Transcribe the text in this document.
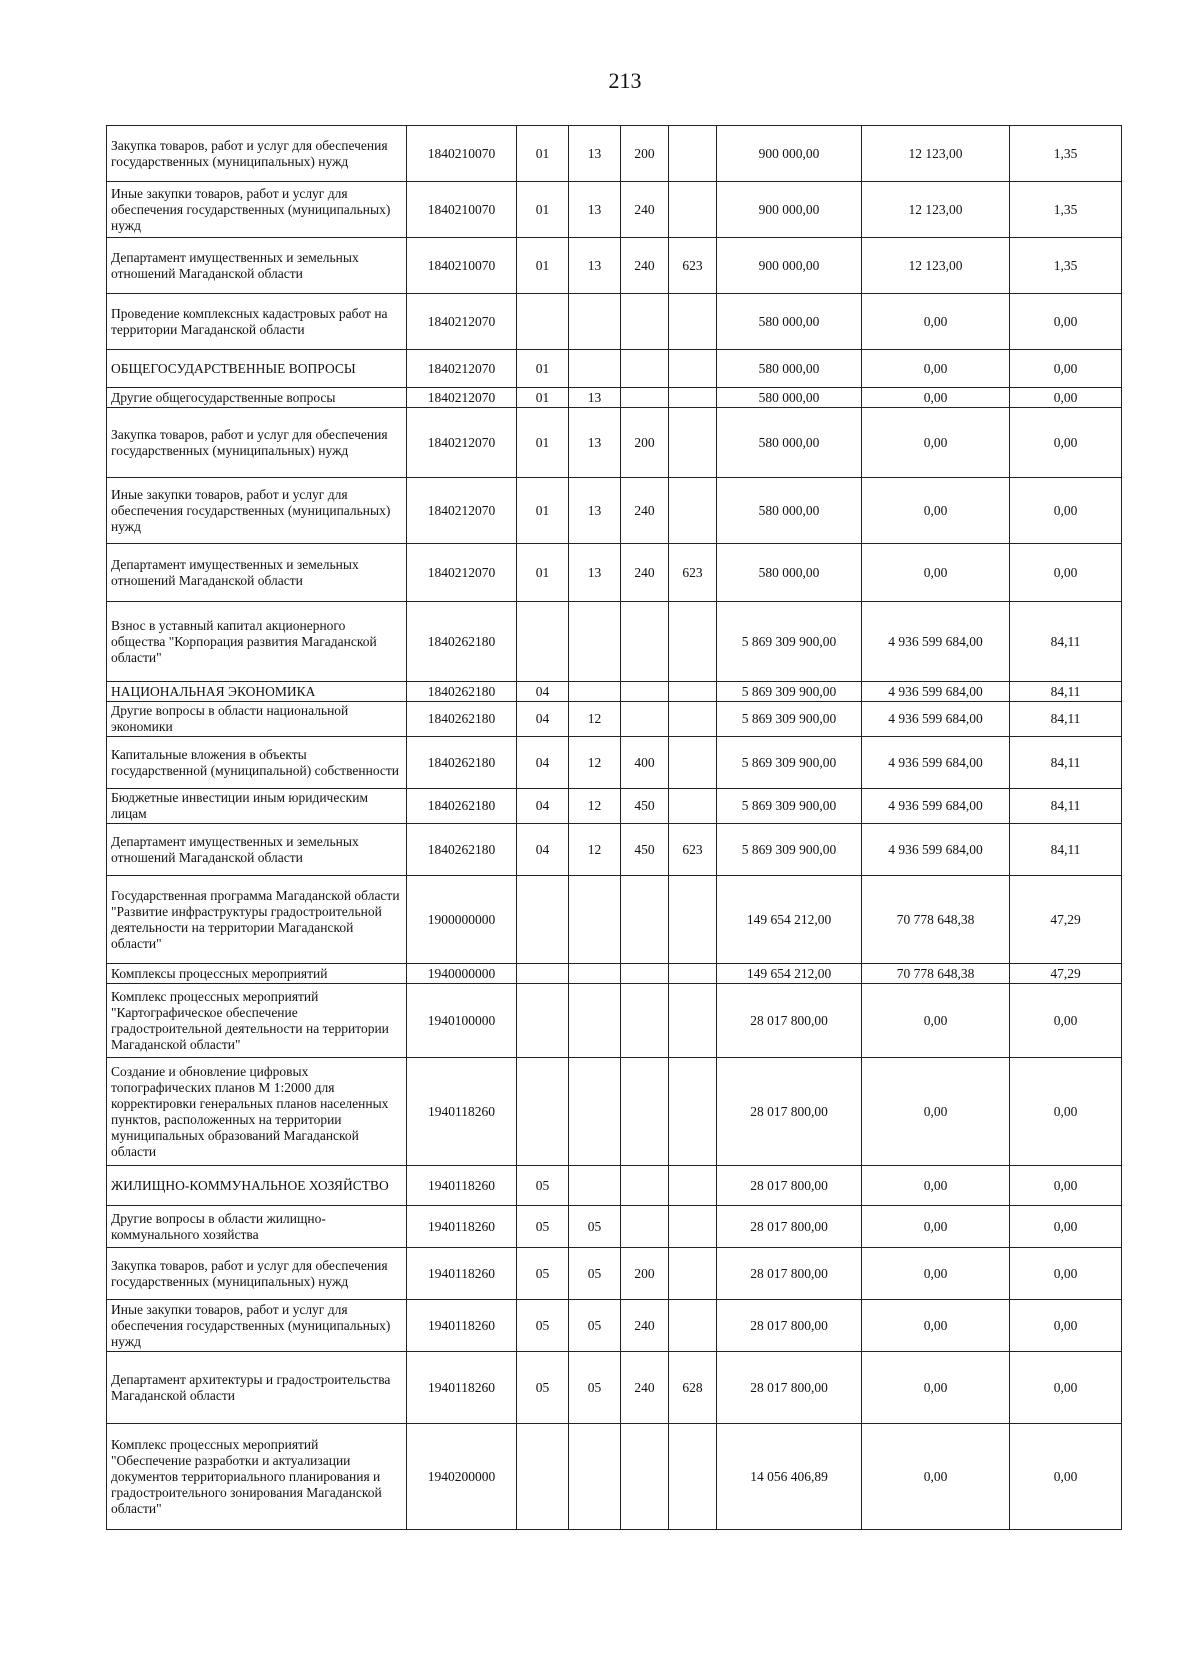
213
Закупка товаров, работ и услуг для обеспечения государственных (муниципальных) нужд	1840210070	01	13	200		900 000,00	12 123,00	1,35
Иные закупки товаров, работ и услуг для обеспечения государственных (муниципальных) нужд	1840210070	01	13	240		900 000,00	12 123,00	1,35
Департамент имущественных и земельных отношений Магаданской области	1840210070	01	13	240	623	900 000,00	12 123,00	1,35
Проведение комплексных кадастровых работ на территории Магаданской области	1840212070					580 000,00	0,00	0,00
ОБЩЕГОСУДАРСТВЕННЫЕ ВОПРОСЫ	1840212070	01				580 000,00	0,00	0,00
Другие общегосударственные вопросы	1840212070	01	13			580 000,00	0,00	0,00
Закупка товаров, работ и услуг для обеспечения государственных (муниципальных) нужд	1840212070	01	13	200		580 000,00	0,00	0,00
Иные закупки товаров, работ и услуг для обеспечения государственных (муниципальных) нужд	1840212070	01	13	240		580 000,00	0,00	0,00
Департамент имущественных и земельных отношений Магаданской области	1840212070	01	13	240	623	580 000,00	0,00	0,00
Взнос в уставный капитал акционерного общества "Корпорация развития Магаданской области"	1840262180					5 869 309 900,00	4 936 599 684,00	84,11
НАЦИОНАЛЬНАЯ ЭКОНОМИКА	1840262180	04				5 869 309 900,00	4 936 599 684,00	84,11
Другие вопросы в области национальной экономики	1840262180	04	12			5 869 309 900,00	4 936 599 684,00	84,11
Капитальные вложения в объекты государственной (муниципальной) собственности	1840262180	04	12	400		5 869 309 900,00	4 936 599 684,00	84,11
Бюджетные инвестиции иным юридическим лицам	1840262180	04	12	450		5 869 309 900,00	4 936 599 684,00	84,11
Департамент имущественных и земельных отношений Магаданской области	1840262180	04	12	450	623	5 869 309 900,00	4 936 599 684,00	84,11
Государственная программа Магаданской области "Развитие инфраструктуры градостроительной деятельности на территории Магаданской области"	1900000000					149 654 212,00	70 778 648,38	47,29
Комплексы процессных мероприятий	1940000000					149 654 212,00	70 778 648,38	47,29
Комплекс процессных мероприятий "Картографическое обеспечение градостроительной деятельности на территории Магаданской области"	1940100000					28 017 800,00	0,00	0,00
Создание и обновление цифровых топографических планов М 1:2000 для корректировки генеральных планов населенных пунктов, расположенных на территории муниципальных образований Магаданской области	1940118260					28 017 800,00	0,00	0,00
ЖИЛИЩНО-КОММУНАЛЬНОЕ ХОЗЯЙСТВО	1940118260	05				28 017 800,00	0,00	0,00
Другие вопросы в области жилищно-коммунального хозяйства	1940118260	05	05			28 017 800,00	0,00	0,00
Закупка товаров, работ и услуг для обеспечения государственных (муниципальных) нужд	1940118260	05	05	200		28 017 800,00	0,00	0,00
Иные закупки товаров, работ и услуг для обеспечения государственных (муниципальных) нужд	1940118260	05	05	240		28 017 800,00	0,00	0,00
Департамент архитектуры и градостроительства Магаданской области	1940118260	05	05	240	628	28 017 800,00	0,00	0,00
Комплекс процессных мероприятий "Обеспечение разработки и актуализации документов территориального планирования и градостроительного зонирования Магаданской области"	1940200000					14 056 406,89	0,00	0,00
